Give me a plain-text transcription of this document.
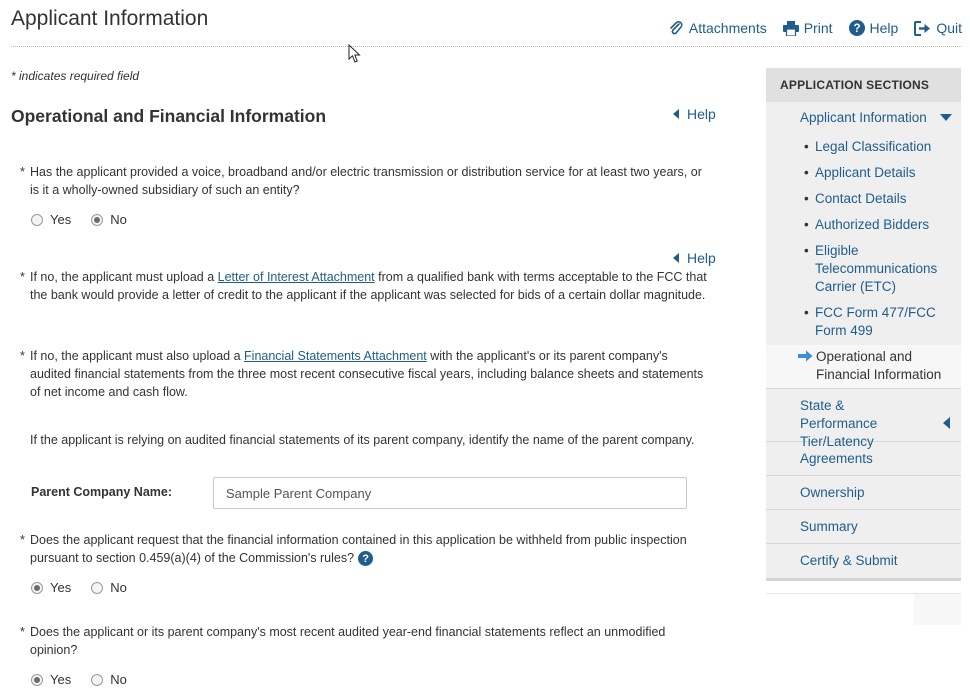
Applicant Information	Attachments	Print ? Help	Quit
* indicates required field
Operational and Financial Information	Help
* Has the applicant provided a voice, broadband and/or electric transmission or distribution service for at least two years, or is it a wholly-owned subsidiary of such an entity?
Yes	No
Help
* If no, the applicant must upload a Letter of Interest Attachment from a qualified bank with terms acceptable to the FCC that the bank would provide a letter of credit to the applicant if the applicant was selected for bids of a certain dollar magnitude.
* If no, the applicant must also upload a Financial Statements Attachment with the applicant's or its parent company's audited financial statements from the three most recent consecutive fiscal years, including balance sheets and statements of net income and cash flow.
If the applicant is relying on audited financial statements of its parent company, identify the name of the parent company.
Parent Company Name:
Sample Parent Company
* Does the applicant request that the financial information contained in this application be withheld from public inspection pursuant to section 0.459(a)(4) of the Commission's rules? ?
Yes	No
* Does the applicant or its parent company's most recent audited year-end financial statements reflect an unmodified opinion?
Yes	No
APPLICATION SECTIONS
Applicant Information
• Legal Classification
• Applicant Details
• Contact Details
• Authorized Bidders
• Eligible Telecommunications Carrier (ETC)
• FCC Form 477/FCC Form 499
Operational and Financial Information
State & Performance Tier/Latency
Agreements
Ownership
Summary
Certify & Submit
